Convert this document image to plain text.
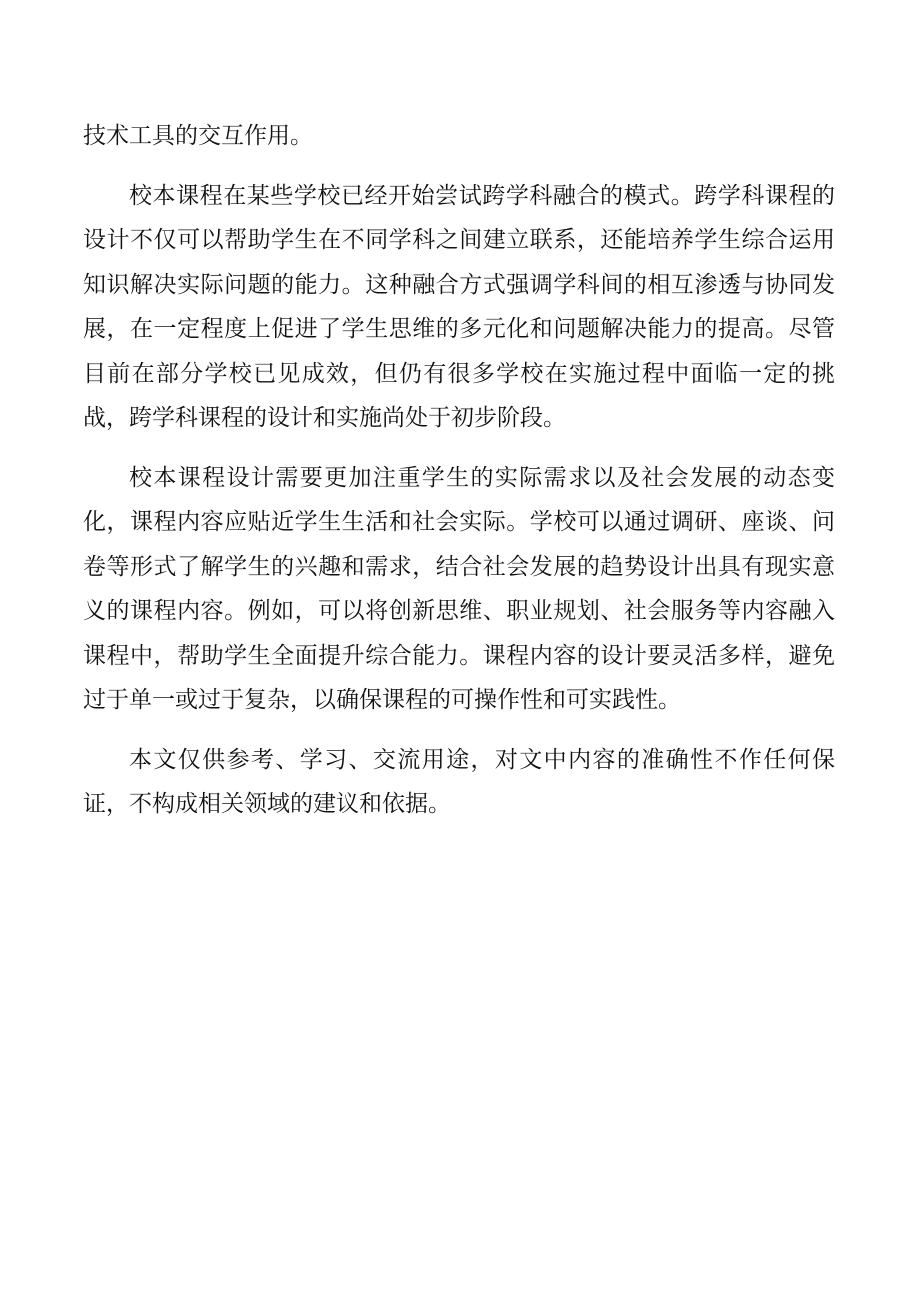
技术工具的交互作用。

校本课程在某些学校已经开始尝试跨学科融合的模式。跨学科课程的设计不仅可以帮助学生在不同学科之间建立联系，还能培养学生综合运用知识解决实际问题的能力。这种融合方式强调学科间的相互渗透与协同发展，在一定程度上促进了学生思维的多元化和问题解决能力的提高。尽管目前在部分学校已见成效，但仍有很多学校在实施过程中面临一定的挑战，跨学科课程的设计和实施尚处于初步阶段。

校本课程设计需要更加注重学生的实际需求以及社会发展的动态变化，课程内容应贴近学生生活和社会实际。学校可以通过调研、座谈、问卷等形式了解学生的兴趣和需求，结合社会发展的趋势设计出具有现实意义的课程内容。例如，可以将创新思维、职业规划、社会服务等内容融入课程中，帮助学生全面提升综合能力。课程内容的设计要灵活多样，避免过于单一或过于复杂，以确保课程的可操作性和可实践性。

本文仅供参考、学习、交流用途，对文中内容的准确性不作任何保证，不构成相关领域的建议和依据。
